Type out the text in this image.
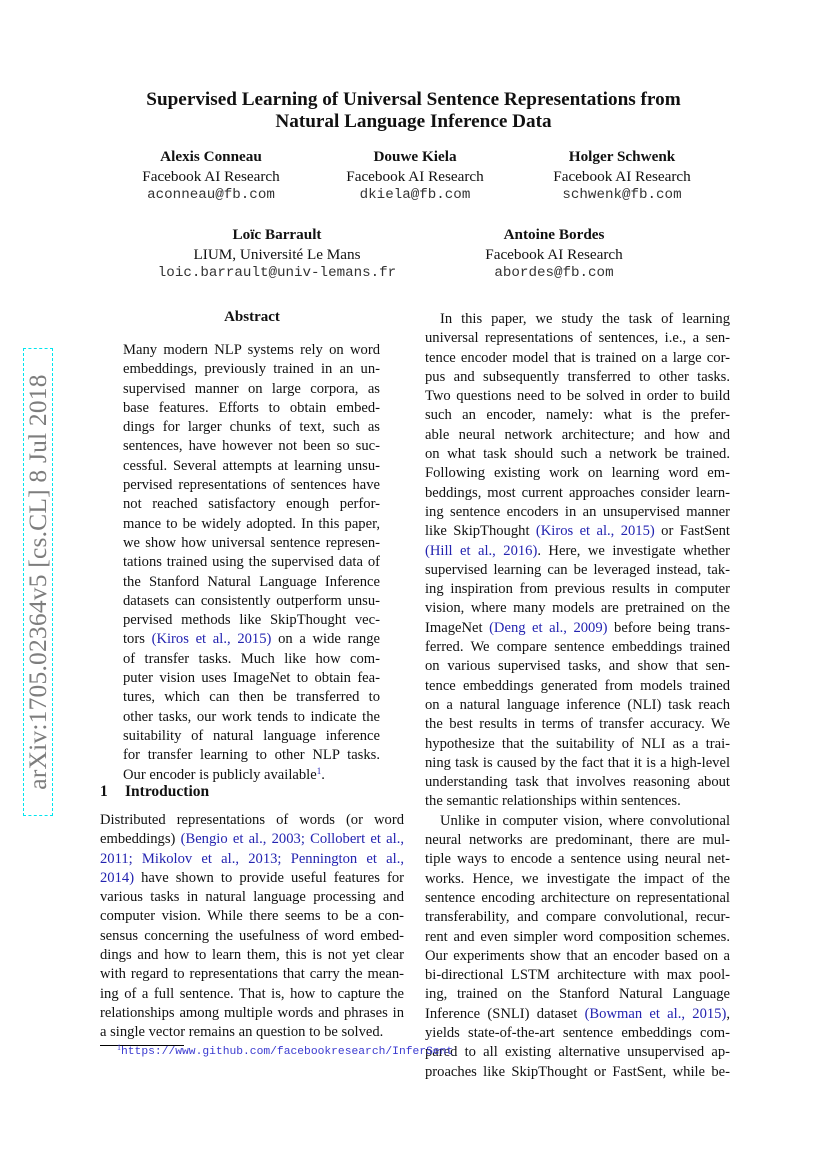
arXiv:1705.02364v5 [cs.CL] 8 Jul 2018
Supervised Learning of Universal Sentence Representations from
Natural Language Inference Data
Alexis Conneau
Facebook AI Research
aconneau@fb.com
Douwe Kiela
Facebook AI Research
dkiela@fb.com
Holger Schwenk
Facebook AI Research
schwenk@fb.com
Loïc Barrault
LIUM, Université Le Mans
loic.barrault@univ-lemans.fr
Antoine Bordes
Facebook AI Research
abordes@fb.com
Abstract
Many modern NLP systems rely on word
embeddings, previously trained in an un-
supervised manner on large corpora, as
base features. Efforts to obtain embed-
dings for larger chunks of text, such as
sentences, have however not been so suc-
cessful. Several attempts at learning unsu-
pervised representations of sentences have
not reached satisfactory enough perfor-
mance to be widely adopted. In this paper,
we show how universal sentence represen-
tations trained using the supervised data of
the Stanford Natural Language Inference
datasets can consistently outperform unsu-
pervised methods like SkipThought vec-
tors (Kiros et al., 2015) on a wide range
of transfer tasks. Much like how com-
puter vision uses ImageNet to obtain fea-
tures, which can then be transferred to
other tasks, our work tends to indicate the
suitability of natural language inference
for transfer learning to other NLP tasks.
Our encoder is publicly available$^1$.
1 Introduction
Distributed representations of words (or word
embeddings) (Bengio et al., 2003; Collobert et al.,
2011; Mikolov et al., 2013; Pennington et al.,
2014) have shown to provide useful features for
various tasks in natural language processing and
computer vision. While there seems to be a con-
sensus concerning the usefulness of word embed-
dings and how to learn them, this is not yet clear
with regard to representations that carry the mean-
ing of a full sentence. That is, how to capture the
relationships among multiple words and phrases in
a single vector remains an question to be solved.
In this paper, we study the task of learning
universal representations of sentences, i.e., a sen-
tence encoder model that is trained on a large cor-
pus and subsequently transferred to other tasks.
Two questions need to be solved in order to build
such an encoder, namely: what is the prefer-
able neural network architecture; and how and
on what task should such a network be trained.
Following existing work on learning word em-
beddings, most current approaches consider learn-
ing sentence encoders in an unsupervised manner
like SkipThought (Kiros et al., 2015) or FastSent
(Hill et al., 2016). Here, we investigate whether
supervised learning can be leveraged instead, tak-
ing inspiration from previous results in computer
vision, where many models are pretrained on the
ImageNet (Deng et al., 2009) before being trans-
ferred. We compare sentence embeddings trained
on various supervised tasks, and show that sen-
tence embeddings generated from models trained
on a natural language inference (NLI) task reach
the best results in terms of transfer accuracy. We
hypothesize that the suitability of NLI as a trai-
ning task is caused by the fact that it is a high-level
understanding task that involves reasoning about
the semantic relationships within sentences.
Unlike in computer vision, where convolutional
neural networks are predominant, there are mul-
tiple ways to encode a sentence using neural net-
works. Hence, we investigate the impact of the
sentence encoding architecture on representational
transferability, and compare convolutional, recur-
rent and even simpler word composition schemes.
Our experiments show that an encoder based on a
bi-directional LSTM architecture with max pool-
ing, trained on the Stanford Natural Language
Inference (SNLI) dataset (Bowman et al., 2015),
yields state-of-the-art sentence embeddings com-
pared to all existing alternative unsupervised ap-
proaches like SkipThought or FastSent, while be-
$^1$https://www.github.com/facebookresearch/InferSent
